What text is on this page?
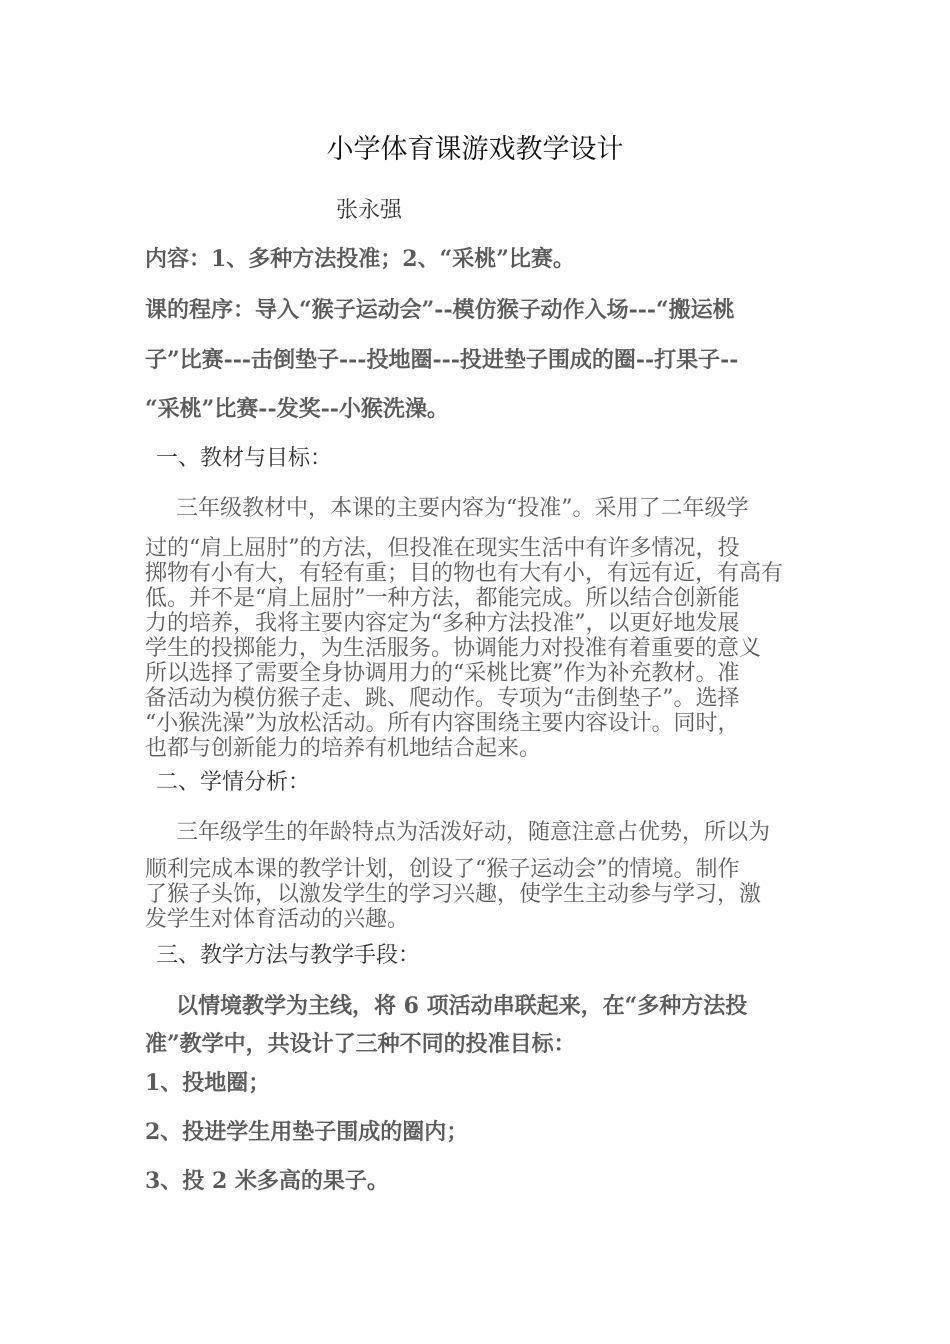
小学体育课游戏教学设计
张永强
内容：1、多种方法投准；2、“采桃”比赛。
课的程序：导入“猴子运动会”--模仿猴子动作入场---“搬运桃
子”比赛---击倒垫子---投地圈---投进垫子围成的圈--打果子--
“采桃”比赛--发奖--小猴洗澡。
一、教材与目标：
三年级教材中，本课的主要内容为“投准”。采用了二年级学
过的“肩上屈肘”的方法，但投准在现实生活中有许多情况，投
掷物有小有大，有轻有重；目的物也有大有小，有远有近，有高有
低。并不是“肩上屈肘”一种方法，都能完成。所以结合创新能
力的培养，我将主要内容定为“多种方法投准”，以更好地发展
学生的投掷能力，为生活服务。协调能力对投准有着重要的意义
所以选择了需要全身协调用力的“采桃比赛”作为补充教材。准
备活动为模仿猴子走、跳、爬动作。专项为“击倒垫子”。选择
“小猴洗澡”为放松活动。所有内容围绕主要内容设计。同时，
也都与创新能力的培养有机地结合起来。
二、学情分析：
三年级学生的年龄特点为活泼好动，随意注意占优势，所以为
顺利完成本课的教学计划，创设了“猴子运动会”的情境。制作
了猴子头饰，以激发学生的学习兴趣，使学生主动参与学习，激
发学生对体育活动的兴趣。
三、教学方法与教学手段：
以情境教学为主线，将 6 项活动串联起来，在“多种方法投
准”教学中，共设计了三种不同的投准目标：
1、投地圈；
2、投进学生用垫子围成的圈内；
3、投 2 米多高的果子。
